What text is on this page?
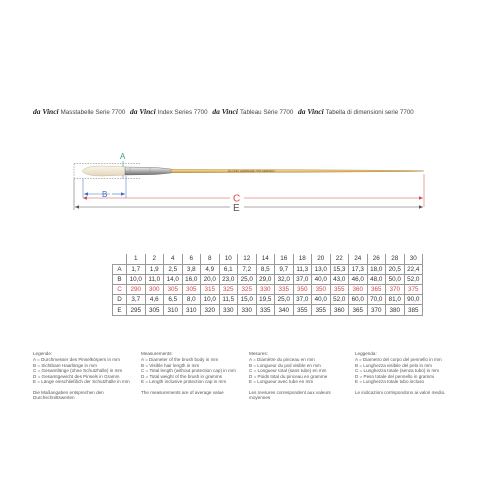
da Vinci Masstabelle Serie 7700 da Vinci Index Series 7700 da Vinci Tableau Série 7700 da Vinci Tabella di dimensioni serie 7700
DA VINCI HANDMADE 7700 GERMANY
A
B	C
E
	1	2	4	6	8	10	12	14	16	18	20	22	24	26	28	30
A	1,7	1,9	2,5	3,8	4,9	6,1	7,2	8,5	9,7	11,3	13,0	15,3	17,3	18,0	20,5	22,4
B	10,0	11,0	14,0	16,0	20,0	23,0	25,0	29,0	32,0	37,0	40,0	43,0	46,0	48,0	50,0	52,0
C	290	300	305	305	315	325	325	330	335	350	350	355	360	365	370	375
D	3,7	4,6	6,5	8,0	10,0	11,5	15,0	19,5	25,0	37,0	40,0	52,0	60,0	70,0	81,0	90,0
E	295	305	310	310	320	330	330	335	340	355	355	360	365	370	380	385
Legende:
A = Durchmesser des Pinselkörpers in mm
B = Sichtbare Haarlänge in mm
C = Gesamtlänge (ohne Schutzhülle) in mm
D = Gesamtgewicht des Pinsels in Gramm
E = Länge einschließlich der Schutzhülle in mm
Die Maßangaben entsprechen den Durchschnittswerten
Measurements:
A = Diameter of the brush body in mm
B = Visible hair length in mm
C = Total length (without protection cap) in mm
D = Total weight of the brush in gramms
E = Length inclusive protection cap in mm
The measurements are of average value
Mesures:
A = Diamètre du pinceau en mm
B = Longueur du poil visible en mm
C = Longueur total (sans tube) en mm
D = Poids total du pinceau en gramme
E = Longueur avec tube en mm
Les mesures correspondent aux valeurs moyennes
Leggenda:
A = Diametro del corpo del pennello in mm
B = Lunghezza visibile del pelo in mm
C = Lunghezza totale (senza tubo) in mm
D = Peso totale del pennello in grammi
E = Lunghezza totale tubo incluso
Le indicazioni corrispondono ai valori medio.
